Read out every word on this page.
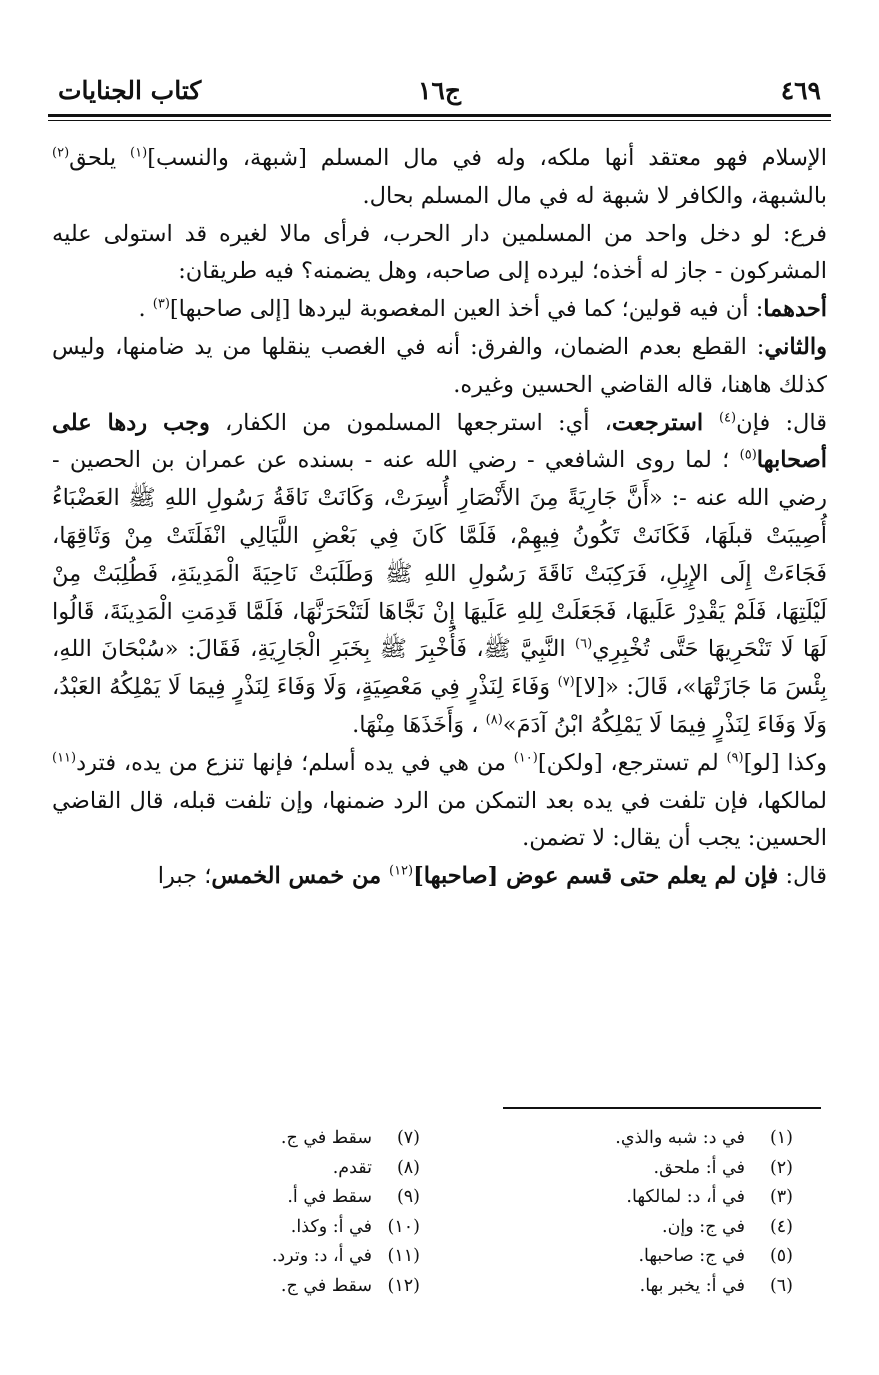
٤٦٩
ج١٦
كتاب الجنايات

الإسلام فهو معتقد أنها ملكه، وله في مال المسلم [شبهة، والنسب]$^{(١)}$ يلحق$^{(٢)}$ بالشبهة، والكافر لا شبهة له في مال المسلم بحال.

فرع: لو دخل واحد من المسلمين دار الحرب، فرأى مالا لغيره قد استولى عليه المشركون - جاز له أخذه؛ ليرده إلى صاحبه، وهل يضمنه؟ فيه طريقان:

أحدهما: أن فيه قولين؛ كما في أخذ العين المغصوبة ليردها [إلى صاحبها]$^{(٣)}$ .

والثاني: القطع بعدم الضمان، والفرق: أنه في الغصب ينقلها من يد ضامنها، وليس كذلك هاهنا، قاله القاضي الحسين وغيره.

قال: فإن$^{(٤)}$ استرجعت، أي: استرجعها المسلمون من الكفار، وجب ردها على أصحابها$^{(٥)}$ ؛ لما روى الشافعي - رضي الله عنه - بسنده عن عمران بن الحصين - رضي الله عنه -: «أَنَّ جَارِيَةً مِنَ الأَنْصَارِ أُسِرَتْ، وَكَانَتْ نَاقَةُ رَسُولِ اللهِ ﷺ العَضْبَاءُ أُصِيبَتْ قبلَهَا، فَكَانَتْ تَكُونُ فِيهِمْ، فَلَمَّا كَانَ فِي بَعْضِ اللَّيَالِي انْفَلَتَتْ مِنْ وَثَاقِهَا، فَجَاءَتْ إِلَى الإِبِلِ، فَرَكِبَتْ نَاقَةَ رَسُولِ اللهِ ﷺ وَطَلَبَتْ نَاحِيَةَ الْمَدِينَةِ، فَطُلِبَتْ مِنْ لَيْلَتِهَا، فَلَمْ يَقْدِرْ عَلَيهَا، فَجَعَلَتْ لِلهِ عَلَيهَا إِنْ نَجَّاهَا لَتَنْحَرَنَّهَا، فَلَمَّا قَدِمَتِ الْمَدِينَةَ، قَالُوا لَهَا لَا تَنْحَرِيهَا حَتَّى تُخْبِرِي$^{(٦)}$ النَّبِيَّ ﷺ، فَأُخْبِرَ ﷺ بِخَبَرِ الْجَارِيَةِ، فَقَالَ: «سُبْحَانَ اللهِ، بِئْسَ مَا جَازَتْهَا»، قَالَ: «[لا]$^{(٧)}$ وَفَاءَ لِنَذْرٍ فِي مَعْصِيَةٍ، وَلَا وَفَاءَ لِنَذْرٍ فِيمَا لَا يَمْلِكُهُ العَبْدُ، وَلَا وَفَاءَ لِنَذْرٍ فِيمَا لَا يَمْلِكُهُ ابْنُ آدَمَ»$^{(٨)}$ ، وَأَخَذَهَا مِنْهَا.

وكذا [لو]$^{(٩)}$ لم تسترجع، [ولكن]$^{(١٠)}$ من هي في يده أسلم؛ فإنها تنزع من يده، فترد$^{(١١)}$ لمالكها، فإن تلفت في يده بعد التمكن من الرد ضمنها، وإن تلفت قبله، قال القاضي الحسين: يجب أن يقال: لا تضمن.

قال: فإن لم يعلم حتى قسم عوض [صاحبها]$^{(١٢)}$ من خمس الخمس؛ جبرا

(١)في د: شبه والذي.
(٢)في أ: ملحق.
(٣)في أ، د: لمالكها.
(٤)في ج: وإن.
(٥)في ج: صاحبها.
(٦)في أ: يخبر بها.
(٧)سقط في ج.
(٨)تقدم.
(٩)سقط في أ.
(١٠)في أ: وكذا.
(١١)في أ، د: وترد.
(١٢)سقط في ج.
